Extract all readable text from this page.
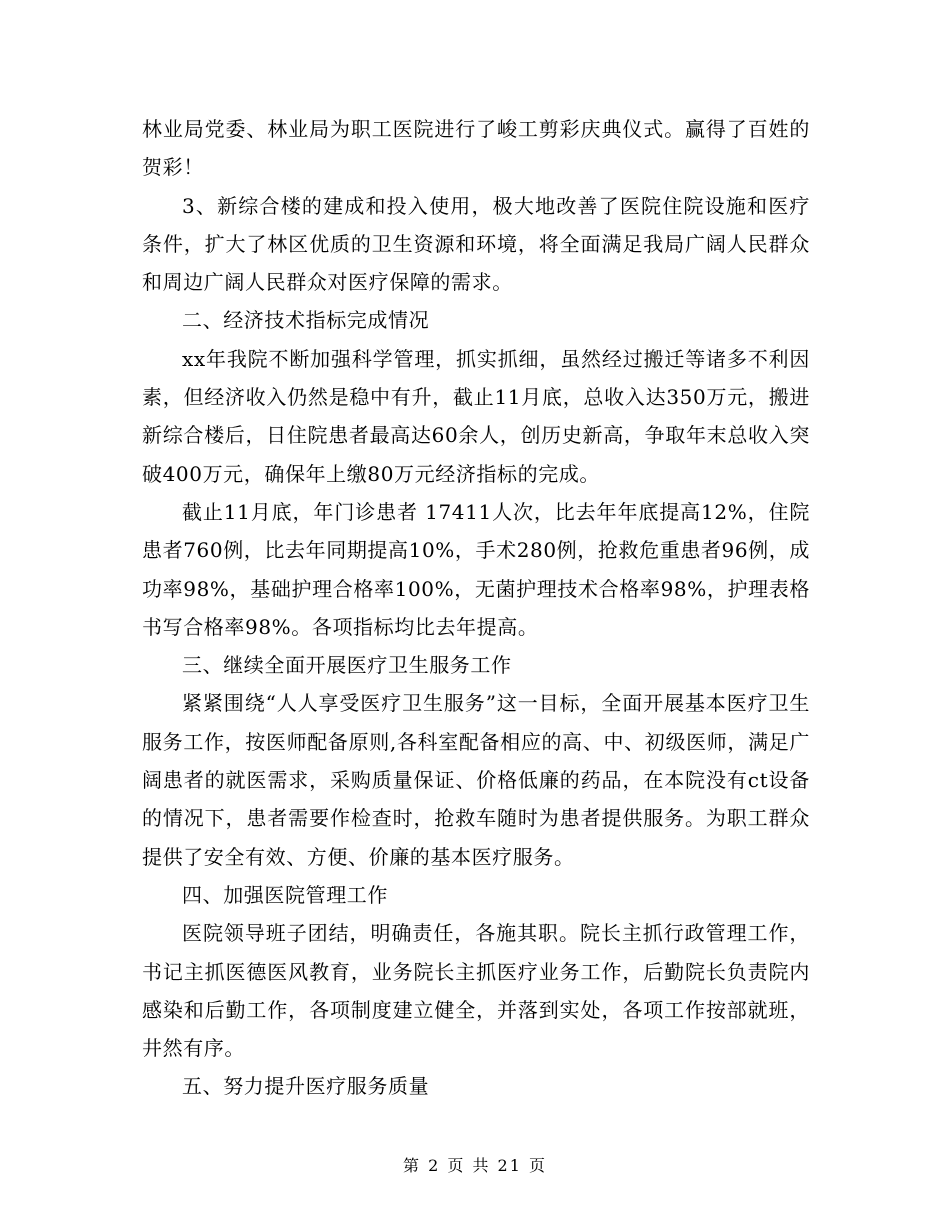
林业局党委、林业局为职工医院进行了峻工剪彩庆典仪式。赢得了百姓的贺彩！

3、新综合楼的建成和投入使用，极大地改善了医院住院设施和医疗条件，扩大了林区优质的卫生资源和环境，将全面满足我局广阔人民群众和周边广阔人民群众对医疗保障的需求。

二、经济技术指标完成情况

xx年我院不断加强科学管理，抓实抓细，虽然经过搬迁等诸多不利因素，但经济收入仍然是稳中有升，截止11月底，总收入达350万元，搬进新综合楼后，日住院患者最高达60余人，创历史新高，争取年末总收入突破400万元，确保年上缴80万元经济指标的完成。

截止11月底，年门诊患者 17411人次，比去年年底提高12%，住院患者760例，比去年同期提高10%，手术280例，抢救危重患者96例，成功率98%，基础护理合格率100%，无菌护理技术合格率98%，护理表格书写合格率98%。各项指标均比去年提高。

三、继续全面开展医疗卫生服务工作

紧紧围绕“人人享受医疗卫生服务”这一目标，全面开展基本医疗卫生服务工作，按医师配备原则,各科室配备相应的高、中、初级医师，满足广阔患者的就医需求，采购质量保证、价格低廉的药品，在本院没有ct设备的情况下，患者需要作检查时，抢救车随时为患者提供服务。为职工群众提供了安全有效、方便、价廉的基本医疗服务。

四、加强医院管理工作

医院领导班子团结，明确责任，各施其职。院长主抓行政管理工作，书记主抓医德医风教育，业务院长主抓医疗业务工作，后勤院长负责院内感染和后勤工作，各项制度建立健全，并落到实处，各项工作按部就班，井然有序。

五、努力提升医疗服务质量

第 2 页 共 21 页
